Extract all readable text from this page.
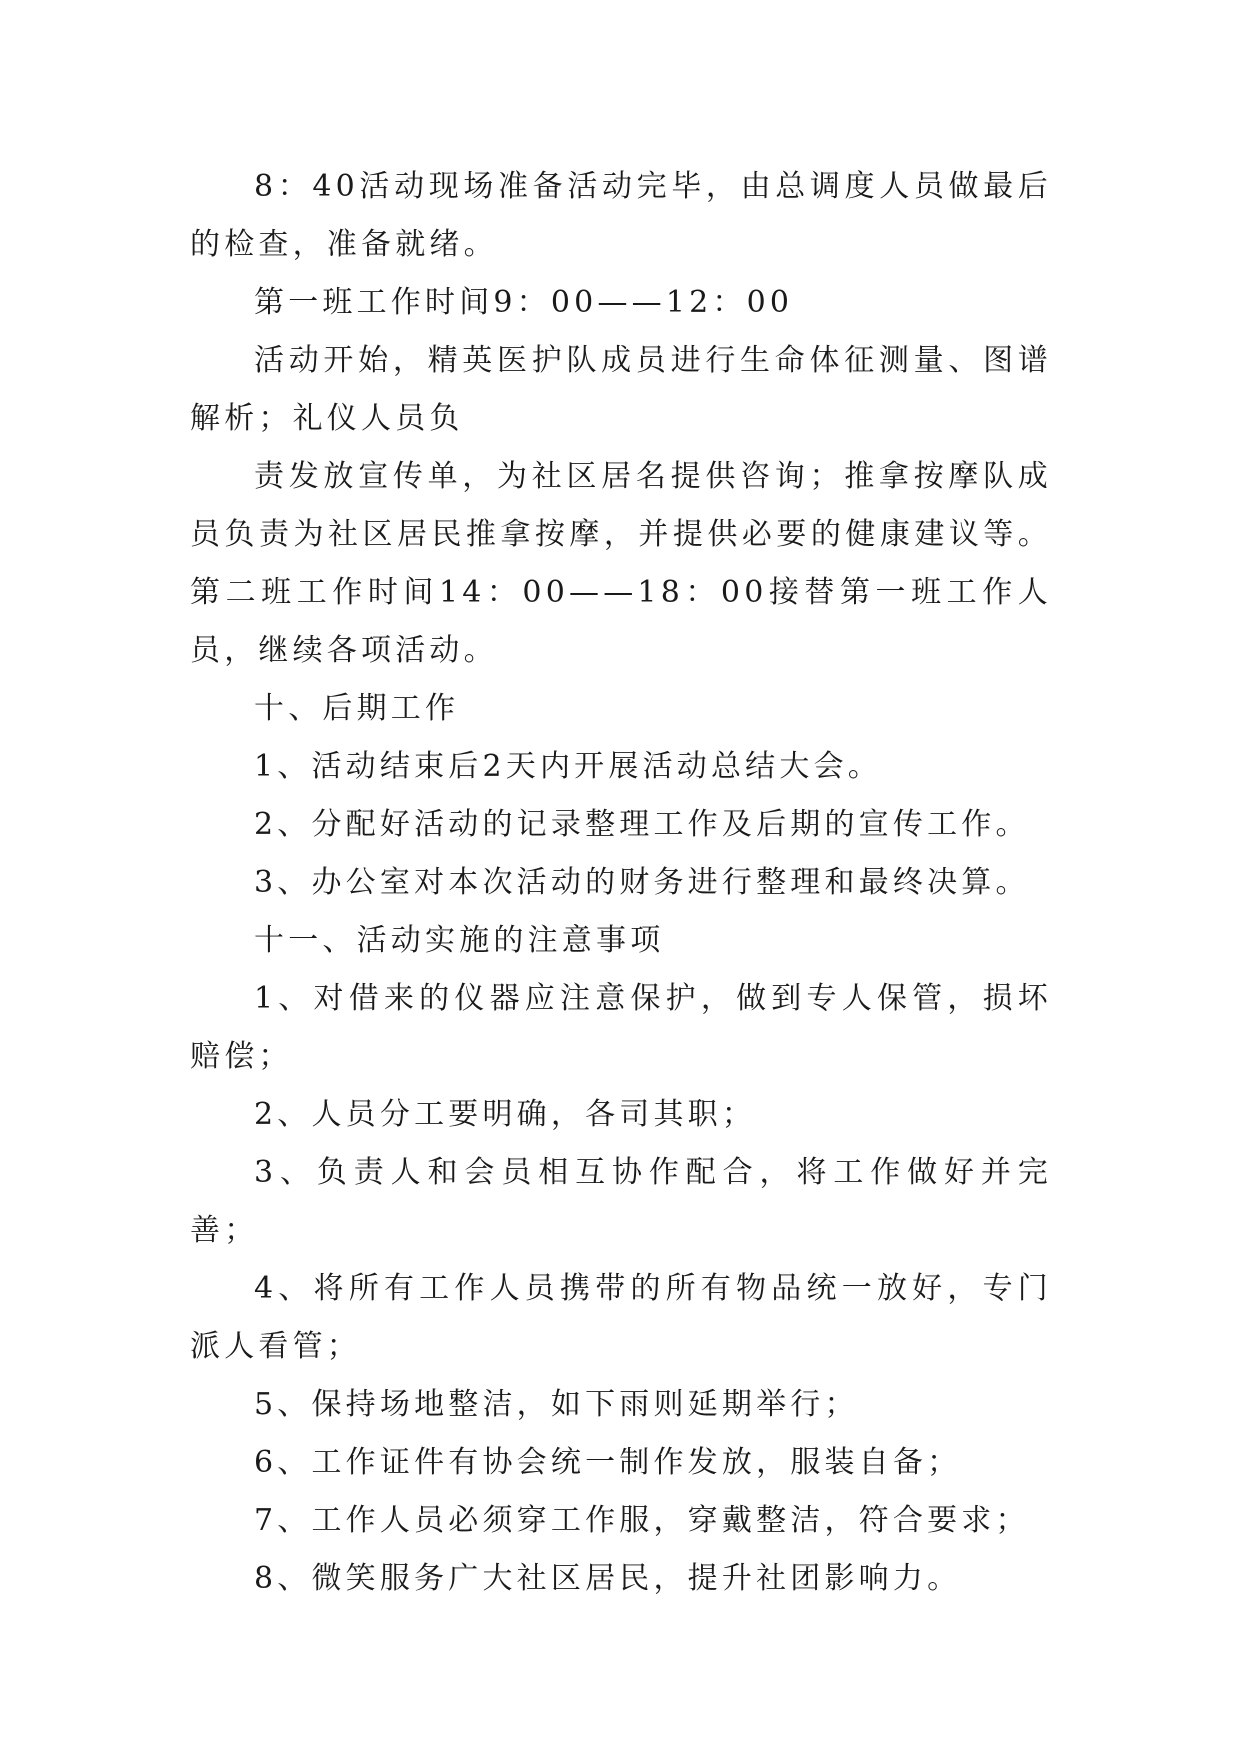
8：40活动现场准备活动完毕，由总调度人员做最后的检查，准备就绪。

第一班工作时间9：00——12：00

活动开始，精英医护队成员进行生命体征测量、图谱解析；礼仪人员负

责发放宣传单，为社区居名提供咨询；推拿按摩队成员负责为社区居民推拿按摩，并提供必要的健康建议等。第二班工作时间14：00——18：00接替第一班工作人员，继续各项活动。

十、后期工作

1、活动结束后2天内开展活动总结大会。

2、分配好活动的记录整理工作及后期的宣传工作。

3、办公室对本次活动的财务进行整理和最终决算。

十一、活动实施的注意事项

1、对借来的仪器应注意保护，做到专人保管，损坏赔偿；

2、人员分工要明确，各司其职；

3、负责人和会员相互协作配合，将工作做好并完善；

4、将所有工作人员携带的所有物品统一放好，专门派人看管；

5、保持场地整洁，如下雨则延期举行；

6、工作证件有协会统一制作发放，服装自备；

7、工作人员必须穿工作服，穿戴整洁，符合要求；

8、微笑服务广大社区居民，提升社团影响力。
